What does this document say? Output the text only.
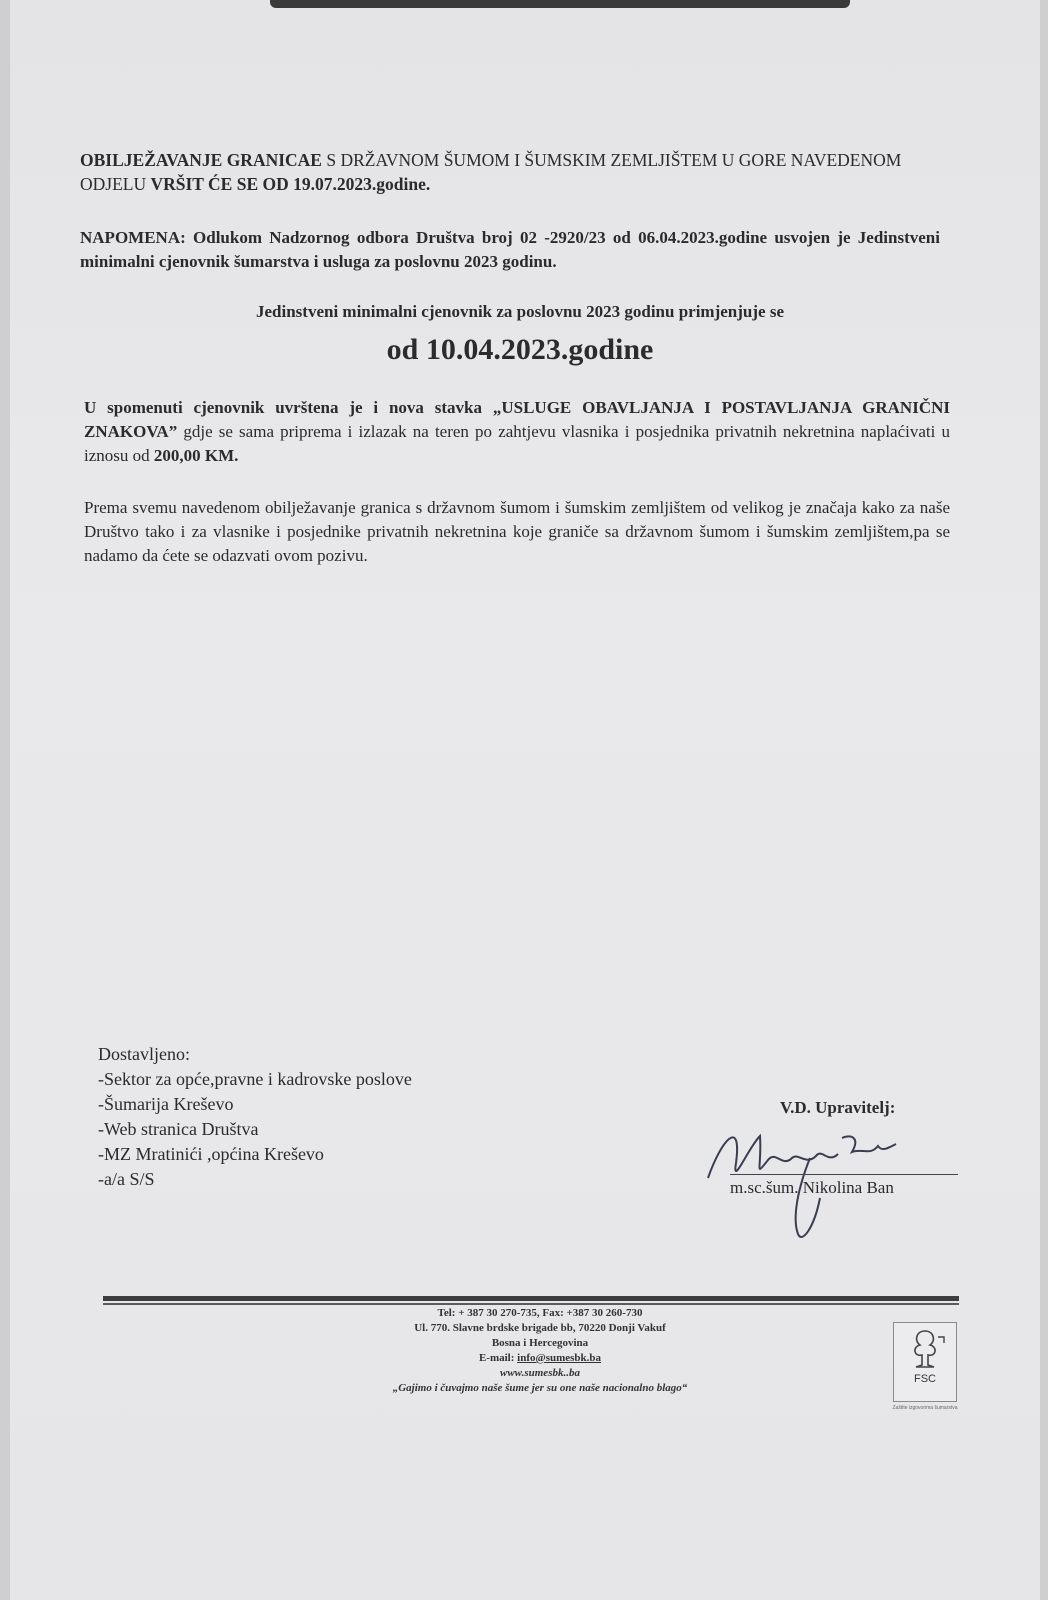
OBILJEŽAVANJE GRANICAE S DRŽAVNOM ŠUMOM I ŠUMSKIM ZEMLJIŠTEM U GORE NAVEDENOM ODJELU VRŠIT ĆE SE OD 19.07.2023.godine.
NAPOMENA: Odlukom Nadzornog odbora Društva broj 02 -2920/23 od 06.04.2023.godine usvojen je Jedinstveni minimalni cjenovnik šumarstva i usluga za poslovnu 2023 godinu.
Jedinstveni minimalni cjenovnik za poslovnu 2023 godinu primjenjuje se
od 10.04.2023.godine
U spomenuti cjenovnik uvrštena je i nova stavka „USLUGE OBAVLJANJA I POSTAVLJANJA GRANIČNI ZNAKOVA” gdje se sama priprema i izlazak na teren po zahtjevu vlasnika i posjednika privatnih nekretnina naplaćivati u iznosu od 200,00 KM.
Prema svemu navedenom obilježavanje granica s državnom šumom i šumskim zemljištem od velikog je značaja kako za naše Društvo tako i za vlasnike i posjednike privatnih nekretnina koje graniče sa državnom šumom i šumskim zemljištem,pa se nadamo da ćete se odazvati ovom pozivu.
Dostavljeno:
-Sektor za opće,pravne i kadrovske poslove
-Šumarija Kreševo
-Web stranica Društva
-MZ Mratinići ,općina Kreševo
-a/a S/S
V.D. Upravitelj:
m.sc.šum. Nikolina Ban
Tel: + 387 30 270-735, Fax: +387 30 260-730
Ul. 770. Slavne brdske brigade bb, 70220 Donji Vakuf
Bosna i Hercegovina
E-mail: info@sumesbk.ba
www.sumesbk..ba
„Gajimo i čuvajmo naše šume jer su one naše nacionalno blago“
FSC
Zaštite izgovorima šumarstva
